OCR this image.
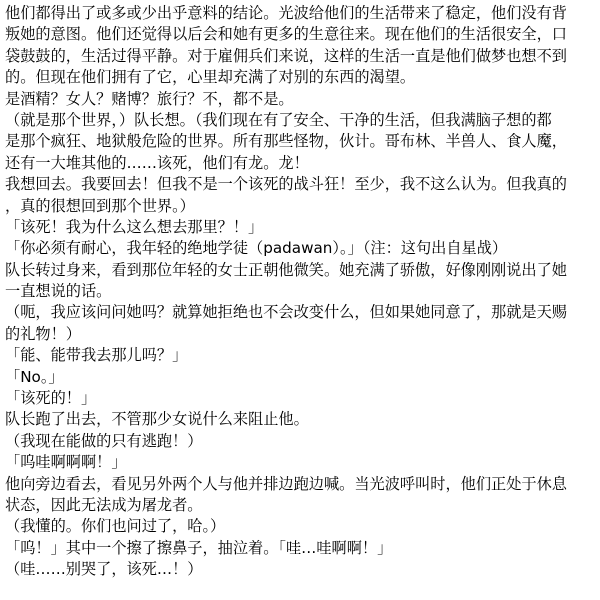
他们都得出了或多或少出乎意料的结论。光波给他们的生活带来了稳定，他们没有背
叛她的意图。他们还觉得以后会和她有更多的生意往来。现在他们的生活很安全，口
袋鼓鼓的，生活过得平静。对于雇佣兵们来说，这样的生活一直是他们做梦也想不到
的。但现在他们拥有了它，心里却充满了对别的东西的渴望。
是酒精？女人？赌博？旅行？不，都不是。
（就是那个世界，）队长想。（我们现在有了安全、干净的生活，但我满脑子想的都
是那个疯狂、地狱般危险的世界。所有那些怪物，伙计。哥布林、半兽人、食人魔，
还有一大堆其他的……该死，他们有龙。龙！
我想回去。我要回去！但我不是一个该死的战斗狂！至少，我不这么认为。但我真的
，真的很想回到那个世界。）
「该死！我为什么这么想去那里？！」
「你必须有耐心，我年轻的绝地学徒（padawan）。」（注：这句出自星战）
队长转过身来，看到那位年轻的女士正朝他微笑。她充满了骄傲，好像刚刚说出了她
一直想说的话。
（呃，我应该问问她吗？就算她拒绝也不会改变什么，但如果她同意了，那就是天赐
的礼物！）
「能、能带我去那儿吗？」
「No。」
「该死的！」
队长跑了出去，不管那少女说什么来阻止他。
（我现在能做的只有逃跑！）
「呜哇啊啊啊！」
他向旁边看去，看见另外两个人与他并排边跑边喊。当光波呼叫时，他们正处于休息
状态，因此无法成为屠龙者。
（我懂的。你们也问过了，哈。）
「呜！」其中一个擦了擦鼻子，抽泣着。「哇…哇啊啊！」
（哇……别哭了，该死…！）
